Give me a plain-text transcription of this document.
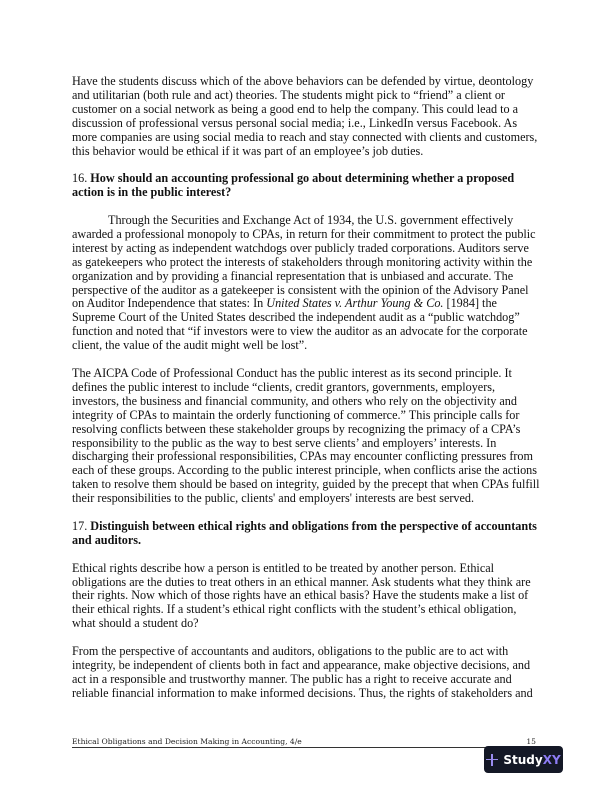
Have the students discuss which of the above behaviors can be defended by virtue, deontology and utilitarian (both rule and act) theories. The students might pick to “friend” a client or customer on a social network as being a good end to help the company. This could lead to a discussion of professional versus personal social media; i.e., LinkedIn versus Facebook. As more companies are using social media to reach and stay connected with clients and customers, this behavior would be ethical if it was part of an employee’s job duties.

16. How should an accounting professional go about determining whether a proposed action is in the public interest?

Through the Securities and Exchange Act of 1934, the U.S. government effectively awarded a professional monopoly to CPAs, in return for their commitment to protect the public interest by acting as independent watchdogs over publicly traded corporations. Auditors serve as gatekeepers who protect the interests of stakeholders through monitoring activity within the organization and by providing a financial representation that is unbiased and accurate. The perspective of the auditor as a gatekeeper is consistent with the opinion of the Advisory Panel on Auditor Independence that states: In United States v. Arthur Young & Co. [1984] the Supreme Court of the United States described the independent audit as a “public watchdog” function and noted that “if investors were to view the auditor as an advocate for the corporate client, the value of the audit might well be lost”.

The AICPA Code of Professional Conduct has the public interest as its second principle. It defines the public interest to include “clients, credit grantors, governments, employers, investors, the business and financial community, and others who rely on the objectivity and integrity of CPAs to maintain the orderly functioning of commerce.” This principle calls for resolving conflicts between these stakeholder groups by recognizing the primacy of a CPA’s responsibility to the public as the way to best serve clients’ and employers’ interests. In discharging their professional responsibilities, CPAs may encounter conflicting pressures from each of these groups. According to the public interest principle, when conflicts arise the actions taken to resolve them should be based on integrity, guided by the precept that when CPAs fulfill their responsibilities to the public, clients' and employers' interests are best served.

17. Distinguish between ethical rights and obligations from the perspective of accountants and auditors.

Ethical rights describe how a person is entitled to be treated by another person. Ethical obligations are the duties to treat others in an ethical manner. Ask students what they think are their rights. Now which of those rights have an ethical basis? Have the students make a list of their ethical rights. If a student’s ethical right conflicts with the student’s ethical obligation, what should a student do?

From the perspective of accountants and auditors, obligations to the public are to act with integrity, be independent of clients both in fact and appearance, make objective decisions, and act in a responsible and trustworthy manner. The public has a right to receive accurate and reliable financial information to make informed decisions. Thus, the rights of stakeholders and

Ethical Obligations and Decision Making in Accounting, 4/e	15
StudyXY
